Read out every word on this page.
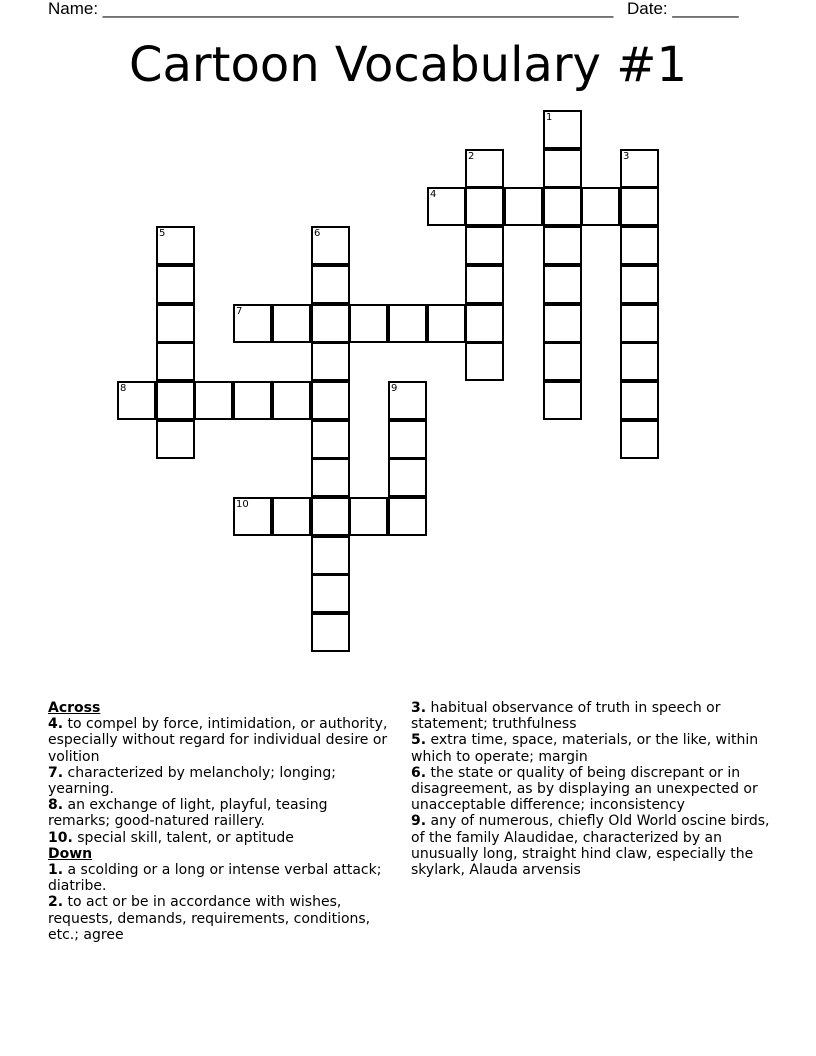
Name: ______________________________________________________ Date: _______
Cartoon Vocabulary #1
1
2	3
4
5	6
7
8	9
10
Across
4. to compel by force, intimidation, or authority, especially without regard for individual desire or volition
7. characterized by melancholy; longing; yearning.
8. an exchange of light, playful, teasing remarks; good-natured raillery.
10. special skill, talent, or aptitude
Down
1. a scolding or a long or intense verbal attack; diatribe.
2. to act or be in accordance with wishes, requests, demands, requirements, conditions, etc.; agree
3. habitual observance of truth in speech or statement; truthfulness
5. extra time, space, materials, or the like, within which to operate; margin
6. the state or quality of being discrepant or in disagreement, as by displaying an unexpected or unacceptable difference; inconsistency
9. any of numerous, chiefly Old World oscine birds, of the family Alaudidae, characterized by an unusually long, straight hind claw, especially the skylark, Alauda arvensis
